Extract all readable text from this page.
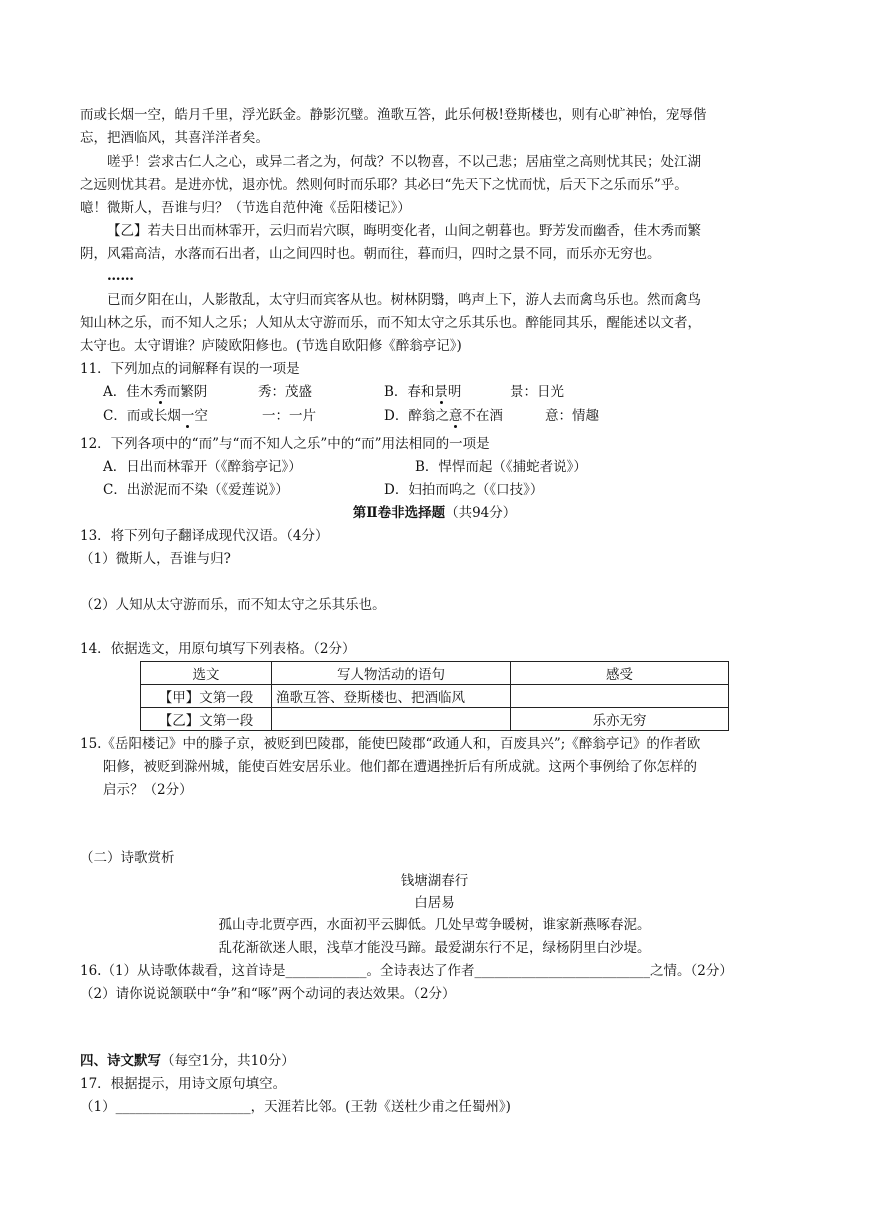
而或长烟一空，皓月千里，浮光跃金。静影沉璧。渔歌互答，此乐何极!登斯楼也，则有心旷神怡，宠辱偕
忘，把酒临风，其喜洋洋者矣。
嗟乎！尝求古仁人之心，或异二者之为，何哉？不以物喜，不以己悲；居庙堂之高则忧其民；处江湖
之远则忧其君。是进亦忧，退亦忧。然则何时而乐耶？其必曰“先天下之忧而忧，后天下之乐而乐”乎。
噫！微斯人，吾谁与归？（节选自范仲淹《岳阳楼记》）
【乙】若夫日出而林霏开，云归而岩穴暝，晦明变化者，山间之朝暮也。野芳发而幽香，佳木秀而繁
阴，风霜高洁，水落而石出者，山之间四时也。朝而往，暮而归，四时之景不同，而乐亦无穷也。
……
已而夕阳在山，人影散乱，太守归而宾客从也。树林阴翳，鸣声上下，游人去而禽鸟乐也。然而禽鸟
知山林之乐，而不知人之乐；人知从太守游而乐，而不知太守之乐其乐也。醉能同其乐，醒能述以文者，
太守也。太守谓谁？庐陵欧阳修也。(节选自欧阳修《醉翁亭记》)
11．下列加点的词解释有误的一项是
A．佳木秀而繁阴	秀：茂盛	B．春和景明	景：日光
C．而或长烟一空	一：一片	D．醉翁之意不在酒	意：情趣
12．下列各项中的“而”与“而不知人之乐”中的“而”用法相同的一项是
A．日出而林霏开（《醉翁亭记》）	B．悍悍而起（《捕蛇者说》）
C．出淤泥而不染（《爱莲说》）	D．妇拍而呜之（《口技》）
第Ⅱ卷非选择题（共94分）
13．将下列句子翻译成现代汉语。（4分）
（1）微斯人，吾谁与归?
（2）人知从太守游而乐，而不知太守之乐其乐也。
14．依据选文，用原句填写下列表格。（2分）
选文	写人物活动的语句	感受
【甲】文第一段	渔歌互答、登斯楼也、把酒临风	
【乙】文第一段		乐亦无穷
15.《岳阳楼记》中的滕子京，被贬到巴陵郡，能使巴陵郡“政通人和，百废具兴”;《醉翁亭记》的作者欧
阳修，被贬到滁州城，能使百姓安居乐业。他们都在遭遇挫折后有所成就。这两个事例给了你怎样的
启示？（2分）
（二）诗歌赏析
钱塘湖春行
白居易
孤山寺北贾亭西，水面初平云脚低。几处早莺争暖树，谁家新燕啄春泥。
乱花渐欲迷人眼，浅草才能没马蹄。最爱湖东行不足，绿杨阴里白沙堤。
16.（1）从诗歌体裁看，这首诗是____________。全诗表达了作者__________________________之情。（2分）
（2）请你说说颔联中“争”和“啄”两个动词的表达效果。（2分）
四、诗文默写（每空1分，共10分）
17．根据提示，用诗文原句填空。
（1）____________________，天涯若比邻。(王勃《送杜少甫之任蜀州》)
